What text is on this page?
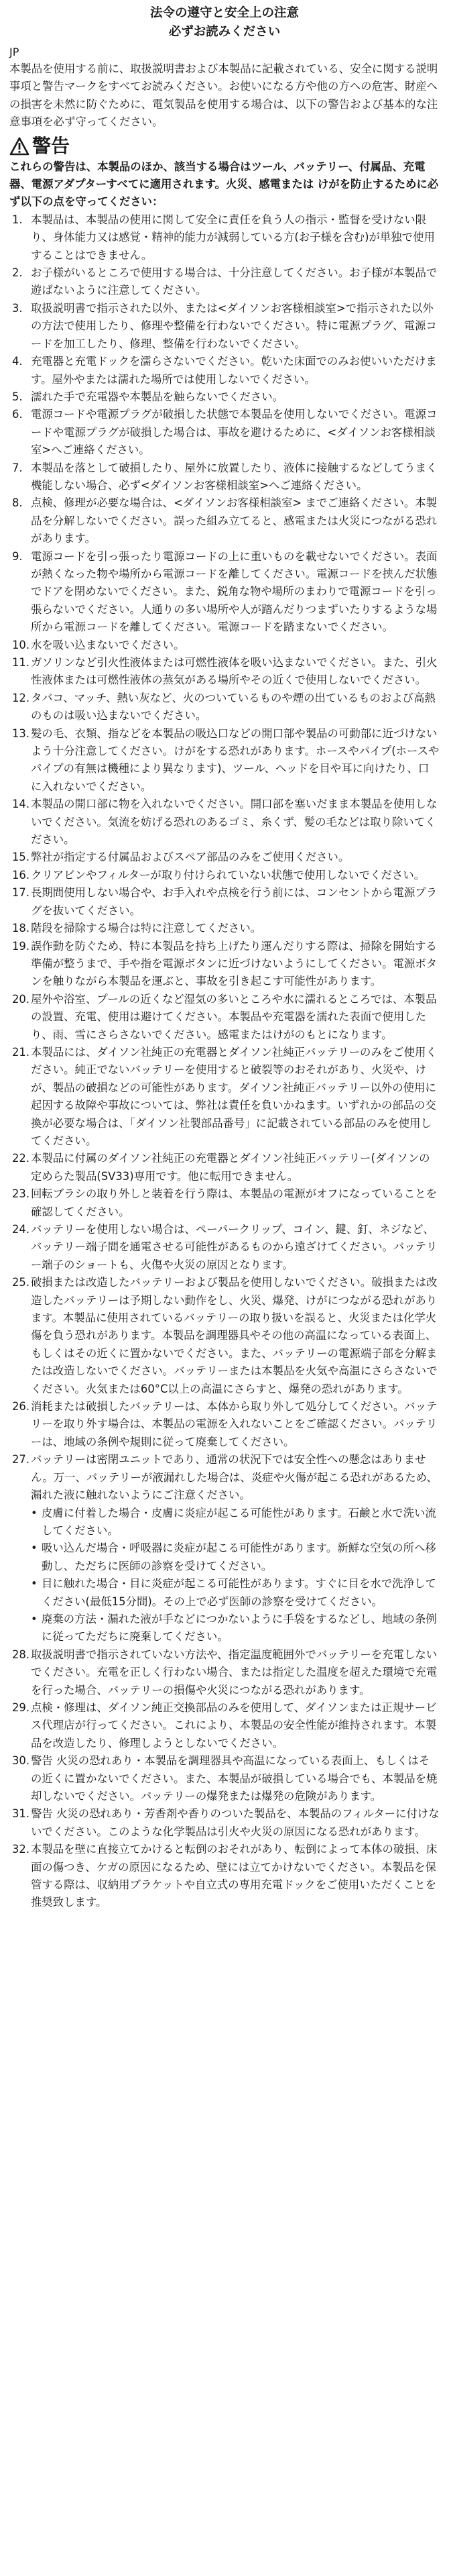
法令の遵守と安全上の注意

必ずお読みください

JP

本製品を使用する前に、取扱説明書および本製品に記載されている、安全に関する説明事項と警告マークをすべてお読みください。お使いになる方や他の方への危害、財産への損害を未然に防ぐために、電気製品を使用する場合は、以下の警告および基本的な注意事項を必ず守ってください。

警告

これらの警告は、本製品のほか、該当する場合はツール、バッテリー、付属品、充電器、電源アダプターすべてに適用されます。火災、感電または けがを防止するために必ず以下の点を守ってください：

1. 本製品は、本製品の使用に関して安全に責任を負う人の指示・監督を受けない限り、身体能力又は感覚・精神的能力が減弱している方(お子様を含む)が単独で使用することはできません。
2. お子様がいるところで使用する場合は、十分注意してください。お子様が本製品で遊ばないように注意してください。
3. 取扱説明書で指示された以外、または<ダイソンお客様相談室>で指示された以外の方法で使用したり、修理や整備を行わないでください。特に電源プラグ、電源コードを加工したり、修理、整備を行わないでください。
4. 充電器と充電ドックを濡らさないでください。乾いた床面でのみお使いいただけます。屋外やまたは濡れた場所では使用しないでください。
5. 濡れた手で充電器や本製品を触らないでください。
6. 電源コードや電源プラグが破損した状態で本製品を使用しないでください。電源コードや電源プラグが破損した場合は、事故を避けるために、<ダイソンお客様相談室>へご連絡ください。
7. 本製品を落として破損したり、屋外に放置したり、液体に接触するなどしてうまく機能しない場合、必ず<ダイソンお客様相談室>へご連絡ください。
8. 点検、修理が必要な場合は、<ダイソンお客様相談室> までご連絡ください。本製品を分解しないでください。誤った組み立てると、感電または火災につながる恐れがあります。
9. 電源コードを引っ張ったり電源コードの上に重いものを載せないでください。表面が熱くなった物や場所から電源コードを離してください。電源コードを挟んだ状態でドアを閉めないでください。また、鋭角な物や場所のまわりで電源コードを引っ張らないでください。人通りの多い場所や人が踏んだりつまずいたりするような場所から電源コードを離してください。電源コードを踏まないでください。
10. 水を吸い込まないでください。
11. ガソリンなど引火性液体または可燃性液体を吸い込まないでください。また、引火性液体または可燃性液体の蒸気がある場所やその近くで使用しないでください。
12. タバコ、マッチ、熱い灰など、火のついているものや煙の出ているものおよび高熱のものは吸い込まないでください。
13. 髪の毛、衣類、指などを本製品の吸込口などの開口部や製品の可動部に近づけないよう十分注意してください。けがをする恐れがあります。ホースやパイプ(ホースやパイプの有無は機種により異なります)、ツール、ヘッドを目や耳に向けたり、口に入れないでください。
14. 本製品の開口部に物を入れないでください。開口部を塞いだまま本製品を使用しないでください。気流を妨げる恐れのあるゴミ、糸くず、髪の毛などは取り除いてください。
15. 弊社が指定する付属品およびスペア部品のみをご使用ください。
16. クリアビンやフィルターが取り付けられていない状態で使用しないでください。
17. 長期間使用しない場合や、お手入れや点検を行う前には、コンセントから電源プラグを抜いてください。
18. 階段を掃除する場合は特に注意してください。
19. 誤作動を防ぐため、特に本製品を持ち上げたり運んだりする際は、掃除を開始する準備が整うまで、手や指を電源ボタンに近づけないようにしてください。電源ボタンを触りながら本製品を運ぶと、事故を引き起こす可能性があります。
20. 屋外や浴室、プールの近くなど湿気の多いところや水に濡れるところでは、本製品の設置、充電、使用は避けてください。本製品や充電器を濡れた表面で使用したり、雨、雪にさらさないでください。感電またはけがのもとになります。
21. 本製品には、ダイソン社純正の充電器とダイソン社純正バッテリーのみをご使用ください。純正でないバッテリーを使用すると破裂等のおそれがあり、火災や、けが、製品の破損などの可能性があります。ダイソン社純正バッテリー以外の使用に起因する故障や事故については、弊社は責任を負いかねます。いずれかの部品の交換が必要な場合は、「ダイソン社製部品番号」に記載されている部品のみを使用してください。
22. 本製品に付属のダイソン社純正の充電器とダイソン社純正バッテリー(ダイソンの定めらた製品(SV33)専用です。他に転用できません。
23. 回転ブラシの取り外しと装着を行う際は、本製品の電源がオフになっていることを確認してください。
24. バッテリーを使用しない場合は、ペーパークリップ、コイン、鍵、釘、ネジなど、バッテリー端子間を通電させる可能性があるものから遠ざけてください。バッテリー端子のショートも、火傷や火災の原因となります。
25. 破損または改造したバッテリーおよび製品を使用しないでください。破損または改造したバッテリーは予期しない動作をし、火災、爆発、けがにつながる恐れがあります。本製品に使用されているバッテリーの取り扱いを誤ると、火災または化学火傷を負う恐れがあります。本製品を調理器具やその他の高温になっている表面上、もしくはその近くに置かないでください。また、バッテリーの電源端子部を分解または改造しないでください。バッテリーまたは本製品を火気や高温にさらさないでください。火気または60°C以上の高温にさらすと、爆発の恐れがあります。
26. 消耗または破損したバッテリーは、本体から取り外して処分してください。バッテリーを取り外す場合は、本製品の電源を入れないことをご確認ください。バッテリーは、地域の条例や規則に従って廃棄してください。
27. バッテリーは密閉ユニットであり、通常の状況下では安全性への懸念はありません。万一、バッテリーが液漏れした場合は、炎症や火傷が起こる恐れがあるため、漏れた液に触れないようにご注意ください。
• 皮膚に付着した場合・皮膚に炎症が起こる可能性があります。石鹸と水で洗い流してください。
• 吸い込んだ場合・呼吸器に炎症が起こる可能性があります。新鮮な空気の所へ移動し、ただちに医師の診察を受けてください。
• 目に触れた場合・目に炎症が起こる可能性があります。すぐに目を水で洗浄してください(最低15分間)。その上で必ず医師の診察を受けてください。
• 廃棄の方法・漏れた液が手などにつかないように手袋をするなどし、地域の条例に従ってただちに廃棄してください。
28. 取扱説明書で指示されていない方法や、指定温度範囲外でバッテリーを充電しないでください。充電を正しく行わない場合、または指定した温度を超えた環境で充電を行った場合、バッテリーの損傷や火災につながる恐れがあります。
29. 点検・修理は、ダイソン純正交換部品のみを使用して、ダイソンまたは正規サービス代理店が行ってください。これにより、本製品の安全性能が維持されます。本製品を改造したり、修理しようとしないでください。
30. 警告 火災の恐れあり・本製品を調理器具や高温になっている表面上、もしくはその近くに置かないでください。また、本製品が破損している場合でも、本製品を焼却しないでください。バッテリーの爆発または爆発の危険があります。
31. 警告 火災の恐れあり・芳香剤や香りのついた製品を、本製品のフィルターに付けないでください。このような化学製品は引火や火災の原因になる恐れがあります。
32. 本製品を壁に直接立てかけると転倒のおそれがあり、転倒によって本体の破損、床面の傷つき、ケガの原因になるため、壁には立てかけないでください。本製品を保管する際は、収納用ブラケットや自立式の専用充電ドックをご使用いただくことを推奨致します。
